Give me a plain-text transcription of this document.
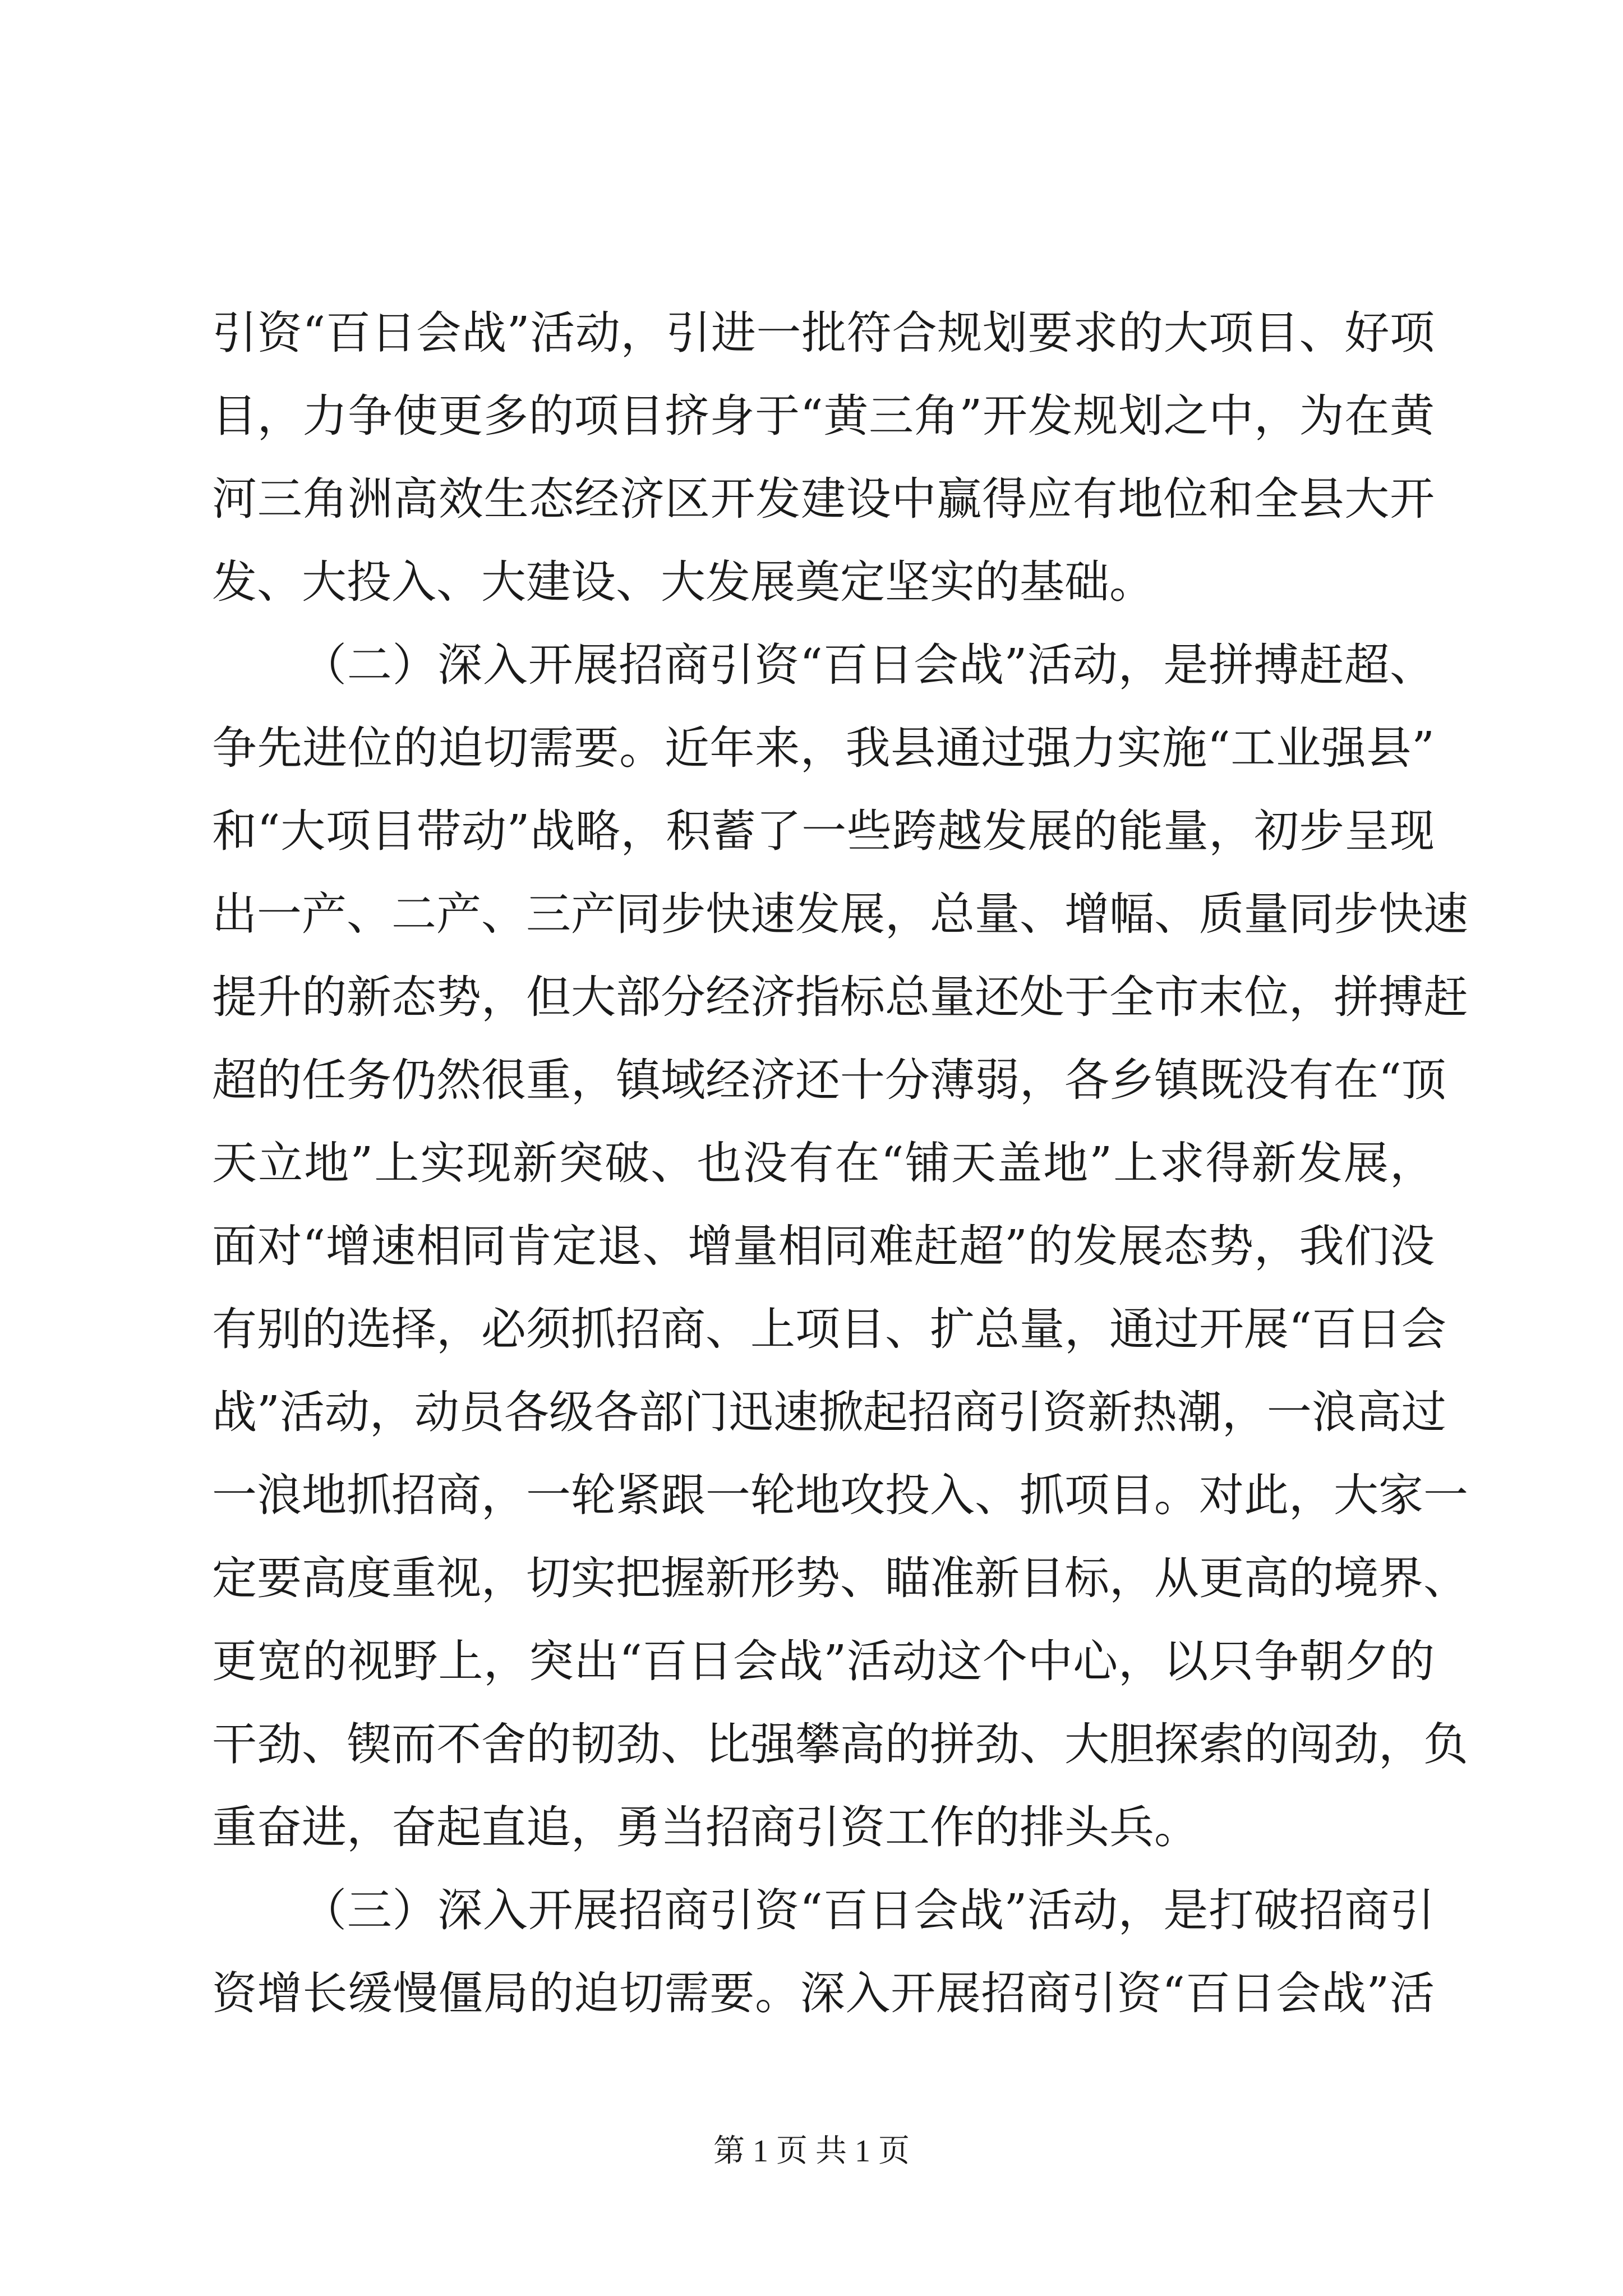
引资“百日会战”活动，引进一批符合规划要求的大项目、好项
目，力争使更多的项目挤身于“黄三角”开发规划之中，为在黄
河三角洲高效生态经济区开发建设中赢得应有地位和全县大开
发、大投入、大建设、大发展奠定坚实的基础。
（二）深入开展招商引资“百日会战”活动，是拼搏赶超、
争先进位的迫切需要。近年来，我县通过强力实施“工业强县”
和“大项目带动”战略，积蓄了一些跨越发展的能量，初步呈现
出一产、二产、三产同步快速发展，总量、增幅、质量同步快速
提升的新态势，但大部分经济指标总量还处于全市末位，拼搏赶
超的任务仍然很重，镇域经济还十分薄弱，各乡镇既没有在“顶
天立地”上实现新突破、也没有在“铺天盖地”上求得新发展，
面对“增速相同肯定退、增量相同难赶超”的发展态势，我们没
有别的选择，必须抓招商、上项目、扩总量，通过开展“百日会
战”活动，动员各级各部门迅速掀起招商引资新热潮，一浪高过
一浪地抓招商，一轮紧跟一轮地攻投入、抓项目。对此，大家一
定要高度重视，切实把握新形势、瞄准新目标，从更高的境界、
更宽的视野上，突出“百日会战”活动这个中心，以只争朝夕的
干劲、锲而不舍的韧劲、比强攀高的拼劲、大胆探索的闯劲，负
重奋进，奋起直追，勇当招商引资工作的排头兵。
（三）深入开展招商引资“百日会战”活动，是打破招商引
资增长缓慢僵局的迫切需要。深入开展招商引资“百日会战”活
第 1 页 共 1 页
